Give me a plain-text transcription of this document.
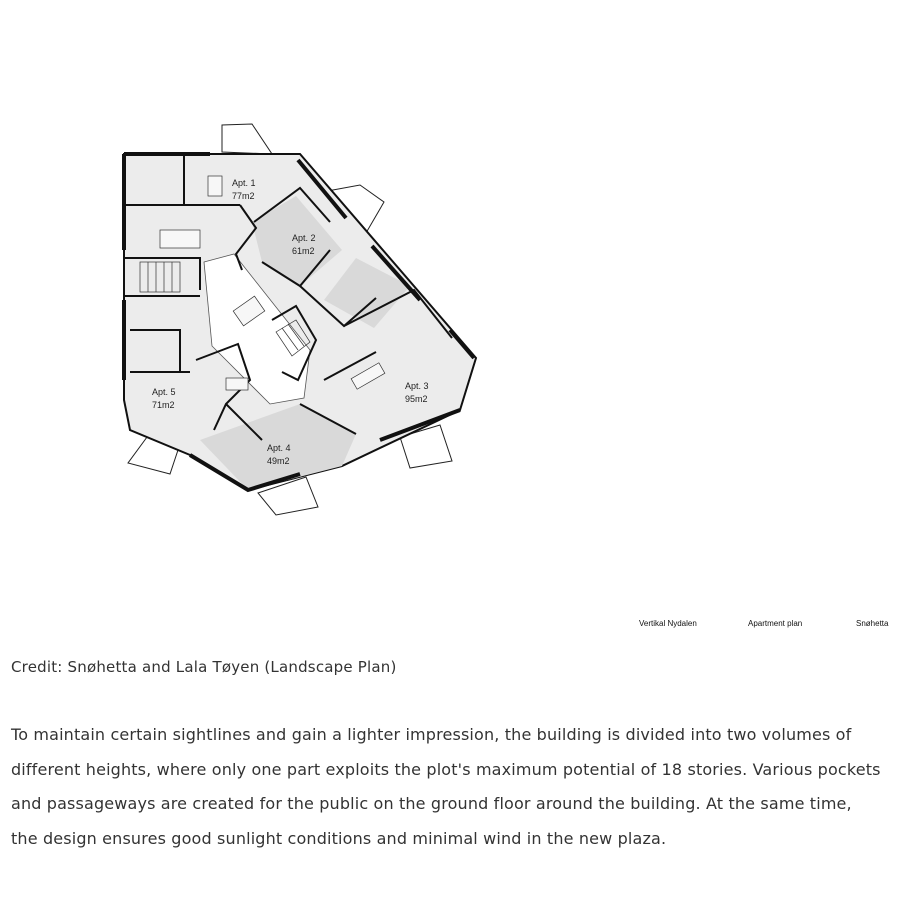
Apt. 1
77m2
Apt. 2
61m2
Apt. 3
95m2
Apt. 4
49m2
Apt. 5
71m2
Vertikal Nydalen	Apartment plan	Snøhetta
Credit: Snøhetta and Lala Tøyen (Landscape Plan)

To maintain certain sightlines and gain a lighter impression, the building is divided into two volumes of different heights, where only one part exploits the plot's maximum potential of 18 stories. Various pockets and passageways are created for the public on the ground floor around the building. At the same time, the design ensures good sunlight conditions and minimal wind in the new plaza.
